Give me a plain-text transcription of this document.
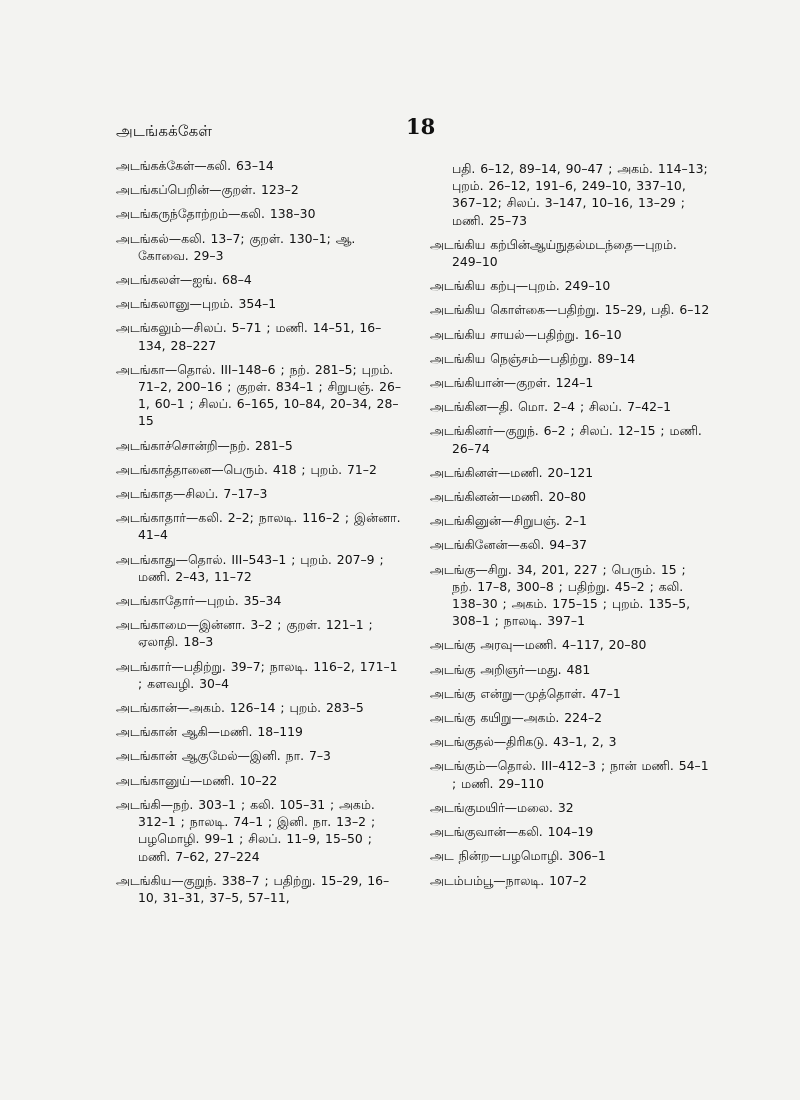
அடங்கக்கேள்	18

அடங்கக்கேள்—கலி. 63–14

அடங்கப்பெறின்—குறள். 123–2

அடங்கருந்தோற்றம்—கலி. 138–30

அடங்கல்—கலி. 13–7; குறள். 130–1; ஆ. கோவை. 29–3

அடங்கலள்—ஐங். 68–4

அடங்கலானு—புறம். 354–1

அடங்கலும்—சிலப். 5–71 ; மணி. 14–51, 16–134, 28–227

அடங்கா—தொல். III–148–6 ; நற். 281–5; புறம். 71–2, 200–16 ; குறள். 834–1 ; சிறுபஞ். 26–1, 60–1 ; சிலப். 6–165, 10–84, 20–34, 28–15

அடங்காச்சொன்றி—நற். 281–5

அடங்காத்தானை—பெரும். 418 ; புறம். 71–2

அடங்காத—சிலப். 7–17–3

அடங்காதார்—கலி. 2–2; நாலடி. 116–2 ; இன்னா. 41–4

அடங்காது—தொல். III–543–1 ; புறம். 207–9 ; மணி. 2–43, 11–72

அடங்காதோர்—புறம். 35–34

அடங்காமை—இன்னா. 3–2 ; குறள். 121–1 ; ஏலாதி. 18–3

அடங்கார்—பதிற்று. 39–7; நாலடி. 116–2, 171–1 ; களவழி. 30–4

அடங்கான்—அகம். 126–14 ; புறம். 283–5

அடங்கான் ஆகி—மணி. 18–119

அடங்கான் ஆகுமேல்—இனி. நா. 7–3

அடங்கானுய்—மணி. 10–22

அடங்கி—நற். 303–1 ; கலி. 105–31 ; அகம். 312–1 ; நாலடி. 74–1 ; இனி. நா. 13–2 ; பழமொழி. 99–1 ; சிலப். 11–9, 15–50 ; மணி. 7–62, 27–224

அடங்கிய—குறுந். 338–7 ; பதிற்று. 15–29, 16–10, 31–31, 37–5, 57–11,

பதி. 6–12, 89–14, 90–47 ; அகம். 114–13; புறம். 26–12, 191–6, 249–10, 337–10, 367–12; சிலப். 3–147, 10–16, 13–29 ; மணி. 25–73

அடங்கிய கற்பின்ஆய்நுதல்மடந்தை—புறம். 249–10

அடங்கிய கற்பு—புறம். 249–10

அடங்கிய கொள்கை—பதிற்று. 15–29, பதி. 6–12

அடங்கிய சாயல்—பதிற்று. 16–10

அடங்கிய நெஞ்சம்—பதிற்று. 89–14

அடங்கியான்—குறள். 124–1

அடங்கின—தி. மொ. 2–4 ; சிலப். 7–42–1

அடங்கினர்—குறுந். 6–2 ; சிலப். 12–15 ; மணி. 26–74

அடங்கினள்—மணி. 20–121

அடங்கினன்—மணி. 20–80

அடங்கினுன்—சிறுபஞ். 2–1

அடங்கினேன்—கலி. 94–37

அடங்கு—சிறு. 34, 201, 227 ; பெரும். 15 ; நற். 17–8, 300–8 ; பதிற்று. 45–2 ; கலி. 138–30 ; அகம். 175–15 ; புறம். 135–5, 308–1 ; நாலடி. 397–1

அடங்கு அரவு—மணி. 4–117, 20–80

அடங்கு அறிஞர்—மது. 481

அடங்கு என்று—முத்தொள். 47–1

அடங்கு கயிறு—அகம். 224–2

அடங்குதல்—திரிகடு. 43–1, 2, 3

அடங்கும்—தொல். III–412–3 ; நான் மணி. 54–1 ; மணி. 29–110

அடங்குமயிர்—மலை. 32

அடங்குவான்—கலி. 104–19

அட நின்ற—பழமொழி. 306–1

அடம்பம்பூ—நாலடி. 107–2
